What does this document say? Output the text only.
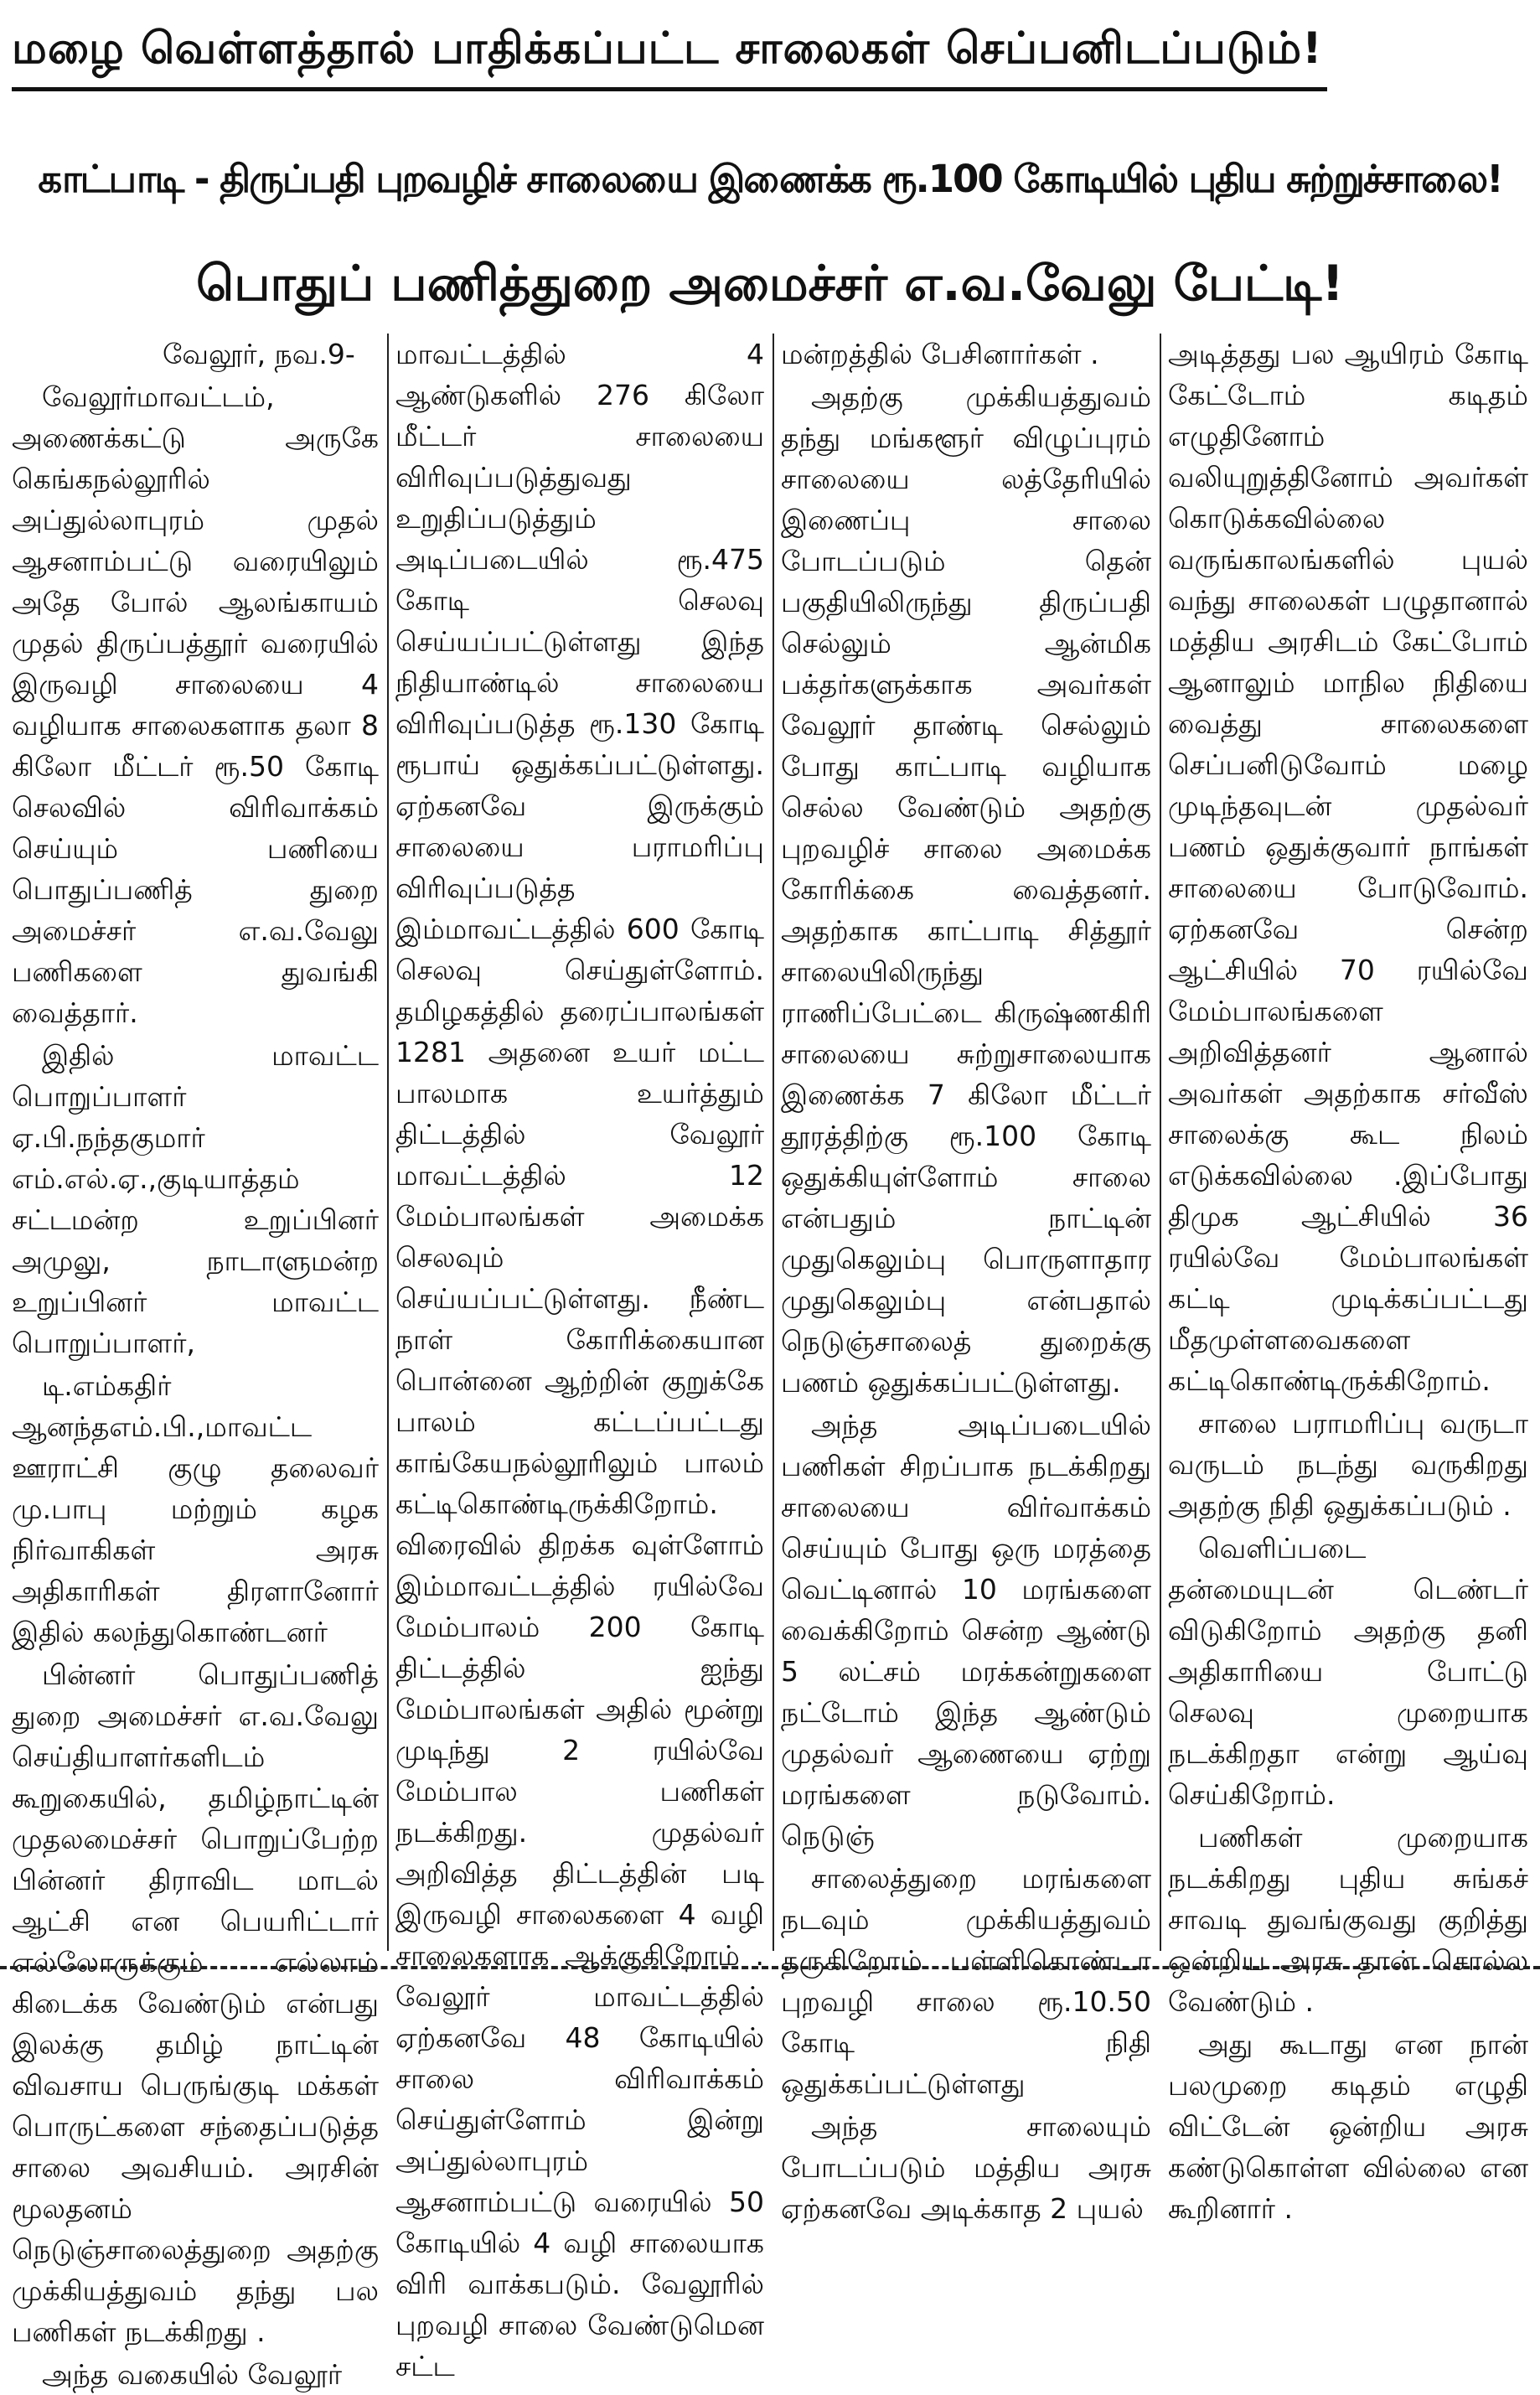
மழை வெள்ளத்தால் பாதிக்கப்பட்ட சாலைகள் செப்பனிடப்படும்!
காட்பாடி - திருப்பதி புறவழிச் சாலையை இணைக்க ரூ.100 கோடியில் புதிய சுற்றுச்சாலை!
பொதுப் பணித்துறை அமைச்சர் எ.வ.வேலு பேட்டி!

வேலூர், நவ.9-

வேலூர்மாவட்டம், அணைக்கட்டு அருகே கெங்கநல்லூரில் அப்துல்லாபுரம் முதல் ஆசனாம்பட்டு வரையிலும் அதே போல் ஆலங்காயம் முதல் திருப்பத்தூர் வரையில் இருவழி சாலையை 4 வழியாக சாலைகளாக தலா 8 கிலோ மீட்டர் ரூ.50 கோடி செலவில் விரிவாக்கம் செய்யும் பணியை பொதுப்பணித் துறை அமைச்சர் எ.வ.வேலு பணிகளை துவங்கி வைத்தார்.

இதில் மாவட்ட பொறுப்பாளர் ஏ.பி.நந்தகுமார் எம்.எல்.ஏ.,குடியாத்தம் சட்டமன்ற உறுப்பினர் அமுலு, நாடாளுமன்ற உறுப்பினர் மாவட்ட பொறுப்பாளர்,

டி.எம்கதிர் ஆனந்தஎம்.பி.,மாவட்ட ஊராட்சி குழு தலைவர் மு.பாபு மற்றும் கழக நிர்வாகிகள் அரசு அதிகாரிகள் திரளானோர் இதில் கலந்துகொண்டனர்

பின்னர் பொதுப்பணித் துறை அமைச்சர் எ.வ.வேலு செய்தியாளர்களிடம் கூறுகையில், தமிழ்நாட்டின் முதலமைச்சர் பொறுப்பேற்ற பின்னர் திராவிட மாடல் ஆட்சி என பெயரிட்டார் எல்லோருக்கும் எல்லாம் கிடைக்க வேண்டும் என்பது இலக்கு தமிழ் நாட்டின் விவசாய பெருங்குடி மக்கள் பொருட்களை சந்தைப்படுத்த சாலை அவசியம். அரசின் மூலதனம் நெடுஞ்சாலைத்துறை அதற்கு முக்கியத்துவம் தந்து பல பணிகள் நடக்கிறது .

அந்த வகையில் வேலூர்

மாவட்டத்தில் 4 ஆண்டுகளில் 276 கிலோ மீட்டர் சாலையை விரிவுப்படுத்துவது உறுதிப்படுத்தும் அடிப்படையில் ரூ.475 கோடி செலவு செய்யப்பட்டுள்ளது இந்த நிதியாண்டில் சாலையை விரிவுப்படுத்த ரூ.130 கோடி ரூபாய் ஒதுக்கப்பட்டுள்ளது. ஏற்கனவே இருக்கும் சாலையை பராமரிப்பு விரிவுப்படுத்த இம்மாவட்டத்தில் 600 கோடி செலவு செய்துள்ளோம். தமிழகத்தில் தரைப்பாலங்கள் 1281 அதனை உயர் மட்ட பாலமாக உயர்த்தும் திட்டத்தில் வேலூர் மாவட்டத்தில் 12 மேம்பாலங்கள் அமைக்க செலவும் செய்யப்பட்டுள்ளது. நீண்ட நாள் கோரிக்கையான பொன்னை ஆற்றின் குறுக்கே பாலம் கட்டப்பட்டது காங்கேயநல்லூரிலும் பாலம் கட்டிகொண்டிருக்கிறோம். விரைவில் திறக்க வுள்ளோம் இம்மாவட்டத்தில் ரயில்வே மேம்பாலம் 200 கோடி திட்டத்தில் ஐந்து மேம்பாலங்கள் அதில் மூன்று முடிந்து 2 ரயில்வே மேம்பால பணிகள் நடக்கிறது. முதல்வர் அறிவித்த திட்டத்தின் படி இருவழி சாலைகளை 4 வழி சாலைகளாக ஆக்குகிறோம் . வேலூர் மாவட்டத்தில் ஏற்கனவே 48 கோடியில் சாலை விரிவாக்கம் செய்துள்ளோம் இன்று அப்துல்லாபுரம் ஆசனாம்பட்டு வரையில் 50 கோடியில் 4 வழி சாலையாக விரி வாக்கபடும். வேலூரில் புறவழி சாலை வேண்டுமென சட்ட

மன்றத்தில் பேசினார்கள் .

அதற்கு முக்கியத்துவம் தந்து மங்களூர் விழுப்புரம் சாலையை லத்தேரியில் இணைப்பு சாலை போடப்படும் தென் பகுதியிலிருந்து திருப்பதி செல்லும் ஆன்மிக பக்தர்களுக்காக அவர்கள் வேலூர் தாண்டி செல்லும் போது காட்பாடி வழியாக செல்ல வேண்டும் அதற்கு புறவழிச் சாலை அமைக்க கோரிக்கை வைத்தனர். அதற்காக காட்பாடி சித்தூர் சாலையிலிருந்து ராணிப்பேட்டை கிருஷ்ணகிரி சாலையை சுற்றுசாலையாக இணைக்க 7 கிலோ மீட்டர் தூரத்திற்கு ரூ.100 கோடி ஒதுக்கியுள்ளோம் சாலை என்பதும் நாட்டின் முதுகெலும்பு பொருளாதார முதுகெலும்பு என்பதால் நெடுஞ்சாலைத் துறைக்கு பணம் ஒதுக்கப்பட்டுள்ளது.

அந்த அடிப்படையில் பணிகள் சிறப்பாக நடக்கிறது சாலையை விர்வாக்கம் செய்யும் போது ஒரு மரத்தை வெட்டினால் 10 மரங்களை வைக்கிறோம் சென்ற ஆண்டு 5 லட்சம் மரக்கன்றுகளை நட்டோம் இந்த ஆண்டும் முதல்வர் ஆணையை ஏற்று மரங்களை நடுவோம். நெடுஞ்

சாலைத்துறை மரங்களை நடவும் முக்கியத்துவம் தருகிறோம் பள்ளிகொண்டா புறவழி சாலை ரூ.10.50 கோடி நிதி ஒதுக்கப்பட்டுள்ளது

அந்த சாலையும் போடப்படும் மத்திய அரசு ஏற்கனவே அடிக்காத 2 புயல்

அடித்தது பல ஆயிரம் கோடி கேட்டோம் கடிதம் எழுதினோம் வலியுறுத்தினோம் அவர்கள் கொடுக்கவில்லை வருங்காலங்களில் புயல் வந்து சாலைகள் பழுதானால் மத்திய அரசிடம் கேட்போம் ஆனாலும் மாநில நிதியை வைத்து சாலைகளை செப்பனிடுவோம் மழை முடிந்தவுடன் முதல்வர் பணம் ஒதுக்குவார் நாங்கள் சாலையை போடுவோம். ஏற்கனவே சென்ற ஆட்சியில் 70 ரயில்வே மேம்பாலங்களை அறிவித்தனர் ஆனால் அவர்கள் அதற்காக சர்வீஸ் சாலைக்கு கூட நிலம் எடுக்கவில்லை .இப்போது திமுக ஆட்சியில் 36 ரயில்வே மேம்பாலங்கள் கட்டி முடிக்கப்பட்டது மீதமுள்ளவைகளை கட்டிகொண்டிருக்கிறோம்.

சாலை பராமரிப்பு வருடா வருடம் நடந்து வருகிறது அதற்கு நிதி ஒதுக்கப்படும் .

வெளிப்படை தன்மையுடன் டெண்டர் விடுகிறோம் அதற்கு தனி அதிகாரியை போட்டு செலவு முறையாக நடக்கிறதா என்று ஆய்வு செய்கிறோம்.

பணிகள் முறையாக நடக்கிறது புதிய சுங்கச் சாவடி துவங்குவது குறித்து ஒன்றிய அரசு தான் சொல்ல வேண்டும் .

அது கூடாது என நான் பலமுறை கடிதம் எழுதி விட்டேன் ஒன்றிய அரசு கண்டுகொள்ள வில்லை என கூறினார் .
